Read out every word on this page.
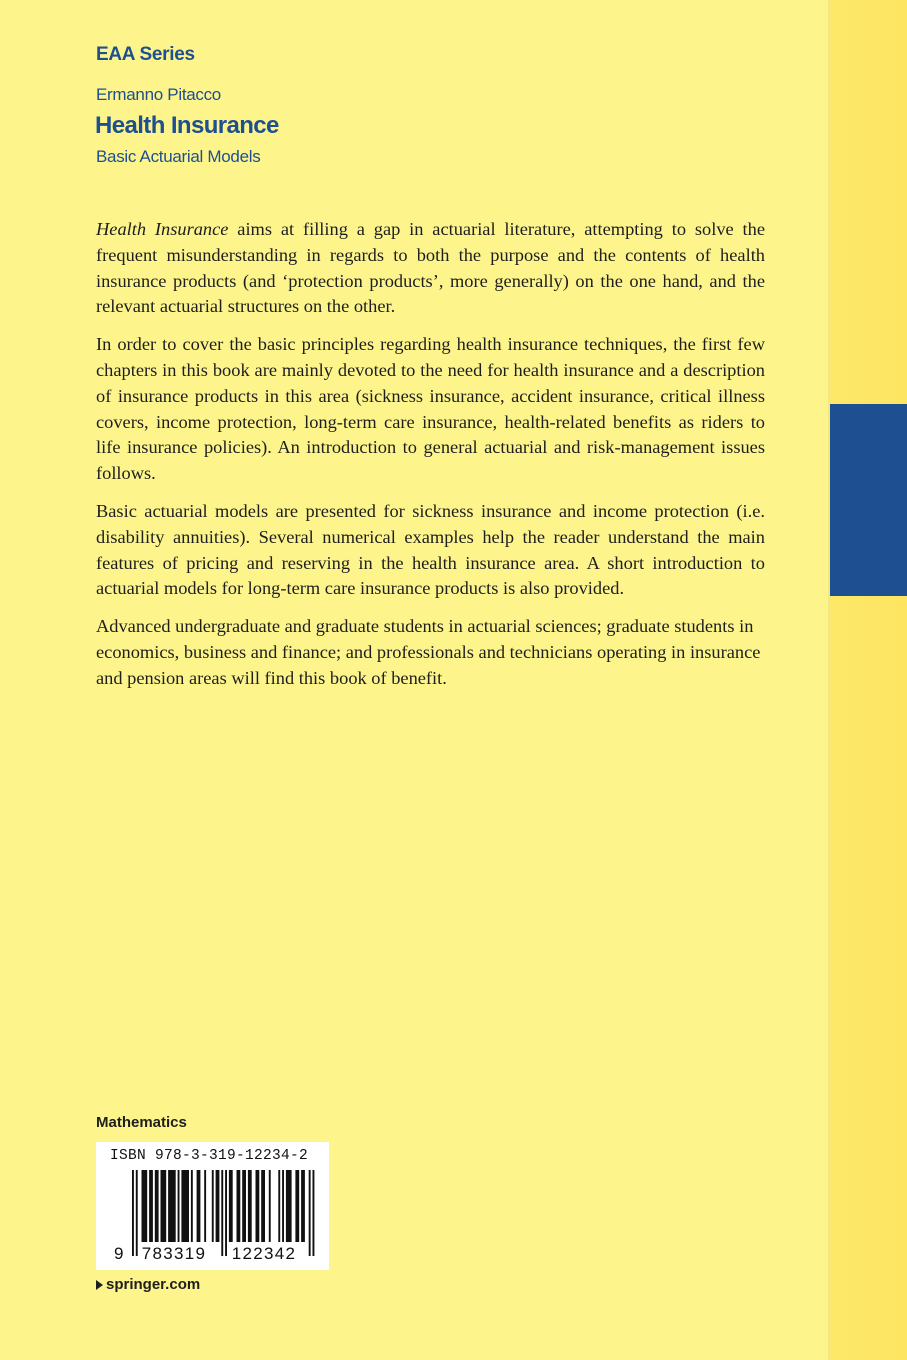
EAA Series
Ermanno Pitacco
Health Insurance
Basic Actuarial Models

Health Insurance aims at filling a gap in actuarial literature, attempting to solve the frequent misunderstanding in regards to both the purpose and the contents of health insurance products (and ‘protection products’, more generally) on the one hand, and the relevant actuarial structures on the other.

In order to cover the basic principles regarding health insurance techniques, the first few chapters in this book are mainly devoted to the need for health insurance and a description of insurance products in this area (sickness insurance, accident insurance, critical illness covers, income protection, long-term care insurance, health-related benefits as riders to life insurance policies). An introduction to general actuarial and risk-management issues follows.

Basic actuarial models are presented for sickness insurance and income protection (i.e. disability annuities). Several numerical examples help the reader understand the main features of pricing and reserving in the health insurance area. A short introduction to actuarial models for long-term care insurance products is also provided.

Advanced undergraduate and graduate students in actuarial sciences; graduate students in economics, business and finance; and professionals and technicians operating in insurance and pension areas will find this book of benefit.

Mathematics
ISBN 978-3-319-12234-2
9	783319	122342
springer.com
